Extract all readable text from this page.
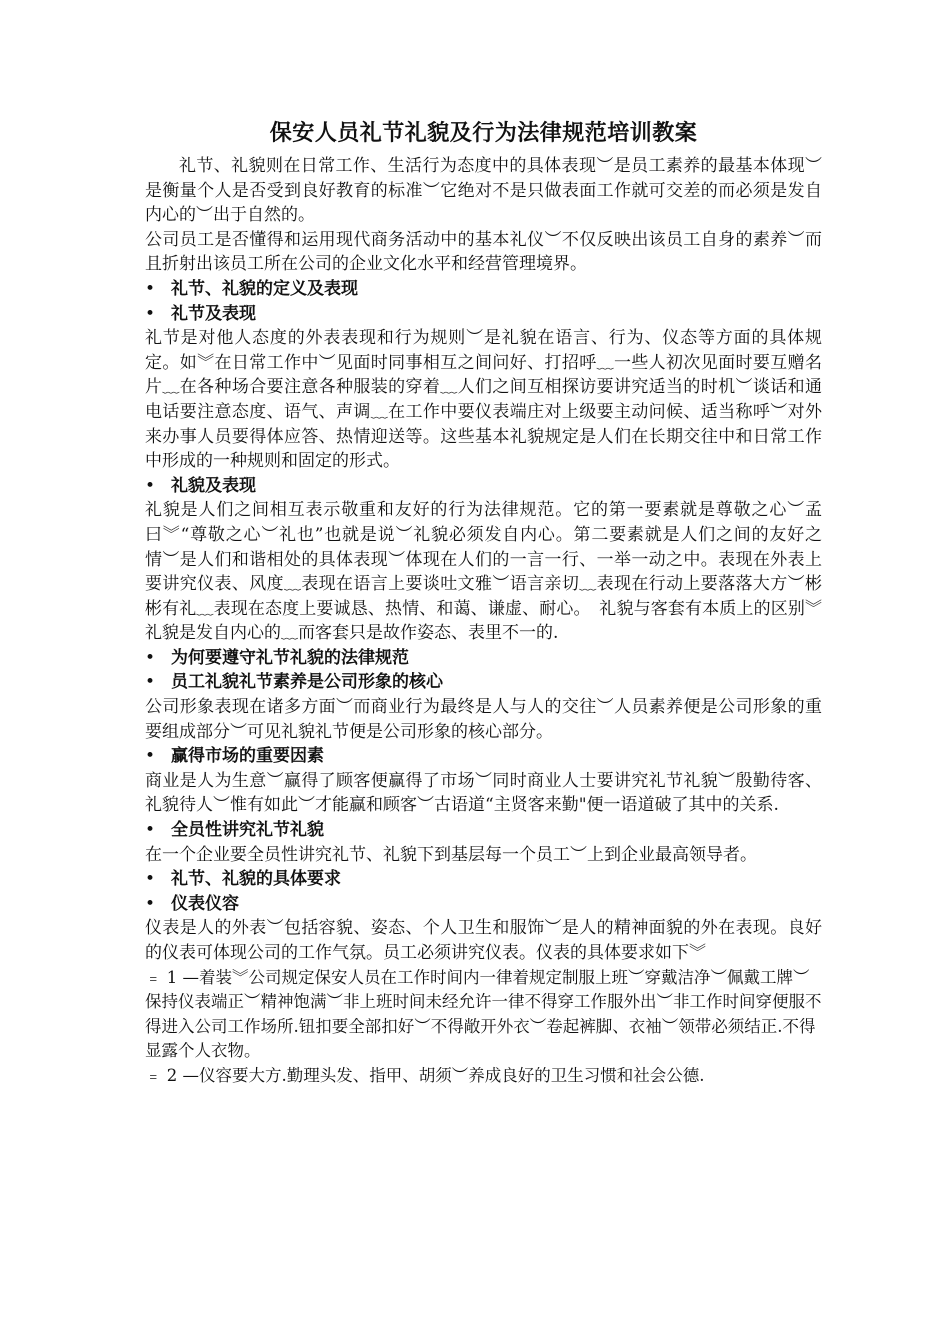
保安人员礼节礼貌及行为法律规范培训教案

礼节、礼貌则在日常工作、生活行为态度中的具体表现︶是员工素养的最基本体现︶是衡量个人是否受到良好教育的标准︶它绝对不是只做表面工作就可交差的而必须是发自内心的︶出于自然的。

公司员工是否懂得和运用现代商务活动中的基本礼仪︶不仅反映出该员工自身的素养︶而且折射出该员工所在公司的企业文化水平和经营管理境界。

• 礼节、礼貌的定义及表现
• 礼节及表现

礼节是对他人态度的外表表现和行为规则︶是礼貌在语言、行为、仪态等方面的具体规定。如︾在日常工作中︶见面时同事相互之间问好、打招呼﹏一些人初次见面时要互赠名片﹏在各种场合要注意各种服装的穿着﹏人们之间互相探访要讲究适当的时机︶谈话和通电话要注意态度、语气、声调﹏在工作中要仪表端庄对上级要主动问候、适当称呼︶对外来办事人员要得体应答、热情迎送等。这些基本礼貌规定是人们在长期交往中和日常工作中形成的一种规则和固定的形式。

• 礼貌及表现

礼貌是人们之间相互表示敬重和友好的行为法律规范。它的第一要素就是尊敬之心︶孟曰︾“尊敬之心︶礼也”也就是说︶礼貌必须发自内心。第二要素就是人们之间的友好之情︶是人们和谐相处的具体表现︶体现在人们的一言一行、一举一动之中。表现在外表上要讲究仪表、风度﹏表现在语言上要谈吐文雅︶语言亲切﹏表现在行动上要落落大方︶彬彬有礼﹏表现在态度上要诚恳、热情、和蔼、谦虚、耐心。　礼貌与客套有本质上的区别︾礼貌是发自内心的﹏而客套只是故作姿态、表里不一的.

• 为何要遵守礼节礼貌的法律规范
• 员工礼貌礼节素养是公司形象的核心

公司形象表现在诸多方面︶而商业行为最终是人与人的交往︶人员素养便是公司形象的重要组成部分︶可见礼貌礼节便是公司形象的核心部分。

• 赢得市场的重要因素

商业是人为生意︶赢得了顾客便赢得了市场︶同时商业人士要讲究礼节礼貌︶殷勤待客、礼貌待人︶惟有如此︶才能赢和顾客︶古语道“主贤客来勤"便一语道破了其中的关系.

• 全员性讲究礼节礼貌

在一个企业要全员性讲究礼节、礼貌下到基层每一个员工︶上到企业最高领导者。

• 礼节、礼貌的具体要求
• 仪表仪容

仪表是人的外表︶包括容貌、姿态、个人卫生和服饰︶是人的精神面貌的外在表现。良好的仪表可体现公司的工作气氛。员工必须讲究仪表。仪表的具体要求如下︾

﹦ 1 —着装︾公司规定保安人员在工作时间内一律着规定制服上班︶穿戴洁净︶佩戴工牌︶保持仪表端正︶精神饱满︶非上班时间未经允许一律不得穿工作服外出︶非工作时间穿便服不得进入公司工作场所.钮扣要全部扣好︶不得敞开外衣︶卷起裤脚、衣袖︶领带必须结正.不得显露个人衣物。

﹦ 2 —仪容要大方.勤理头发、指甲、胡须︶养成良好的卫生习惯和社会公德.
